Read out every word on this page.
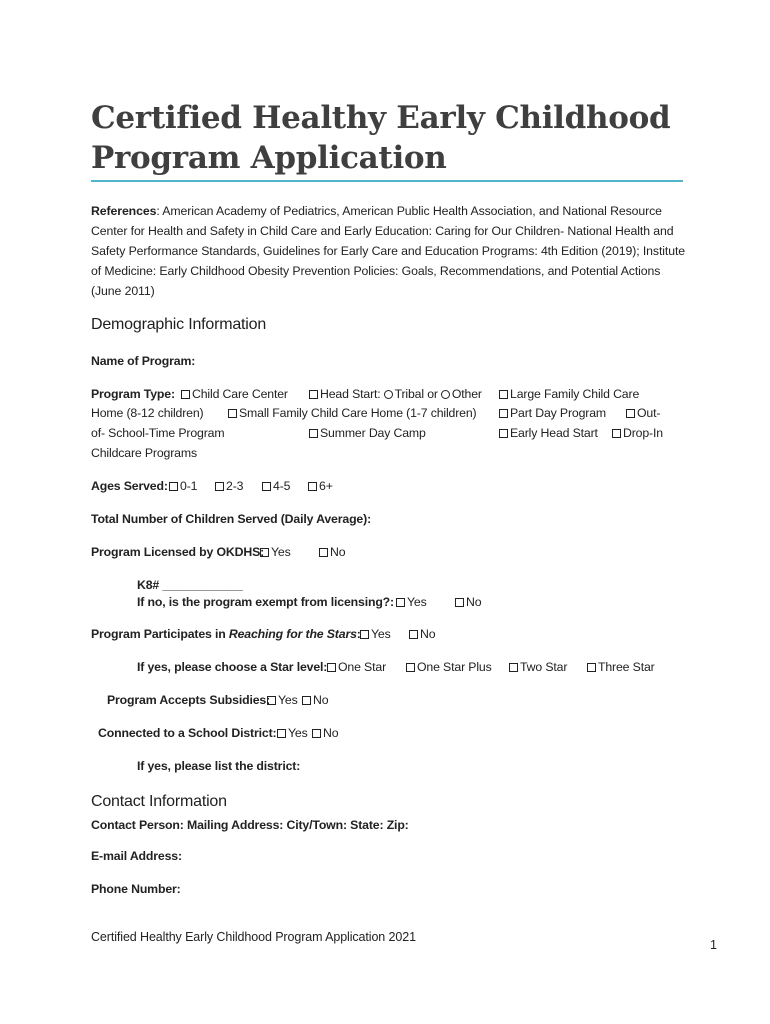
Certified Healthy Early Childhood Program Application
References: American Academy of Pediatrics, American Public Health Association, and National Resource Center for Health and Safety in Child Care and Early Education: Caring for Our Children- National Health and Safety Performance Standards, Guidelines for Early Care and Education Programs: 4th Edition (2019); Institute of Medicine: Early Childhood Obesity Prevention Policies: Goals, Recommendations, and Potential Actions (June 2011)
Demographic Information
Name of Program:
Program Type:	Child Care Center	Head Start: Tribal or Other	Large Family Child Care
Home (8-12 children)	Small Family Child Care Home (1-7 children)	Part Day Program	Out-
of- School-Time Program	Summer Day Camp	Early Head Start	Drop-In
Childcare Programs
Ages Served: 0-1	2-3	4-5	6+
Total Number of Children Served (Daily Average):
Program Licensed by OKDHS: Yes	No
K8# ____________
If no, is the program exempt from licensing?:	Yes	No
Program Participates in Reaching for the Stars: Yes	No
If yes, please choose a Star level: One Star	One Star Plus	Two Star	Three Star
Program Accepts Subsidies: Yes	No
Connected to a School District: Yes	No
If yes, please list the district:
Contact Information
Contact Person: Mailing Address: City/Town: State: Zip:
E-mail Address:
Phone Number:
Certified Healthy Early Childhood Program Application 2021
1
